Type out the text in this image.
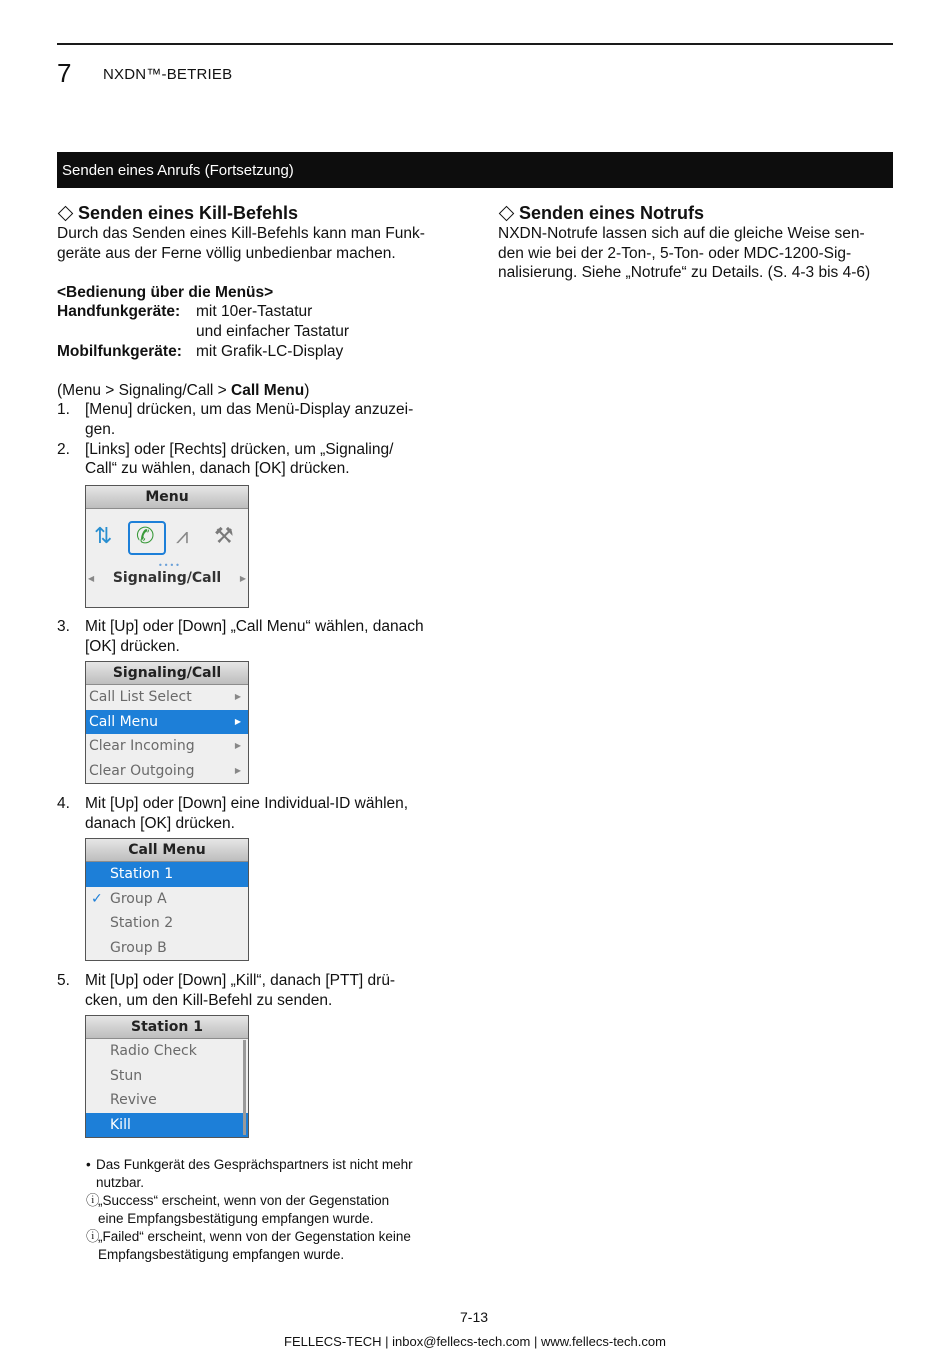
7 NXDN™-BETRIEB
Senden eines Anrufs (Fortsetzung)
Senden eines Kill-Befehls

Durch das Senden eines Kill-Befehls kann man Funk-

geräte aus der Ferne völlig unbedienbar machen.

<Bedienung über die Menüs>

Handfunkgeräte:	mit 10er-Tastatur
und einfacher Tastatur
Mobilfunkgeräte: mit Grafik-LC-Display

(Menu > Signaling/Call > Call Menu)

1. [Menu] drücken, um das Menü-Display anzuzei-

gen.

2. [Links] oder [Rechts] drücken, um „Signaling/

Call“ zu wählen, danach [OK] drücken.

Menu
⇅ ✆ ⩘ ⚒
••••
◀	Signaling/Call	▶
3. Mit [Up] oder [Down] „Call Menu“ wählen, danach

[OK] drücken.

Signaling/Call
Call List Select	▶
Call Menu	▶
Clear Incoming	▶
Clear Outgoing	▶
4. Mit [Up] oder [Down] eine Individual-ID wählen,

danach [OK] drücken.

Call Menu
Station 1
✓ Group A
Station 2
Group B
5. Mit [Up] oder [Down] „Kill“, danach [PTT] drü-

cken, um den Kill-Befehl zu senden.

Station 1
Radio Check
Stun
Revive
Kill
• Das Funkgerät des Gesprächspartners ist nicht mehr

nutzbar.

ⓘ

„Success“ erscheint, wenn von der Gegenstation

eine Empfangsbestätigung empfangen wurde.

ⓘ

„Failed“ erscheint, wenn von der Gegenstation keine

Empfangsbestätigung empfangen wurde.

Senden eines Notrufs

NXDN-Notrufe lassen sich auf die gleiche Weise sen-

den wie bei der 2-Ton-, 5-Ton- oder MDC-1200-Sig-

nalisierung. Siehe „Notrufe“ zu Details. (S. 4-3 bis 4-6)

7-13
FELLECS-TECH | inbox@fellecs-tech.com | www.fellecs-tech.com
